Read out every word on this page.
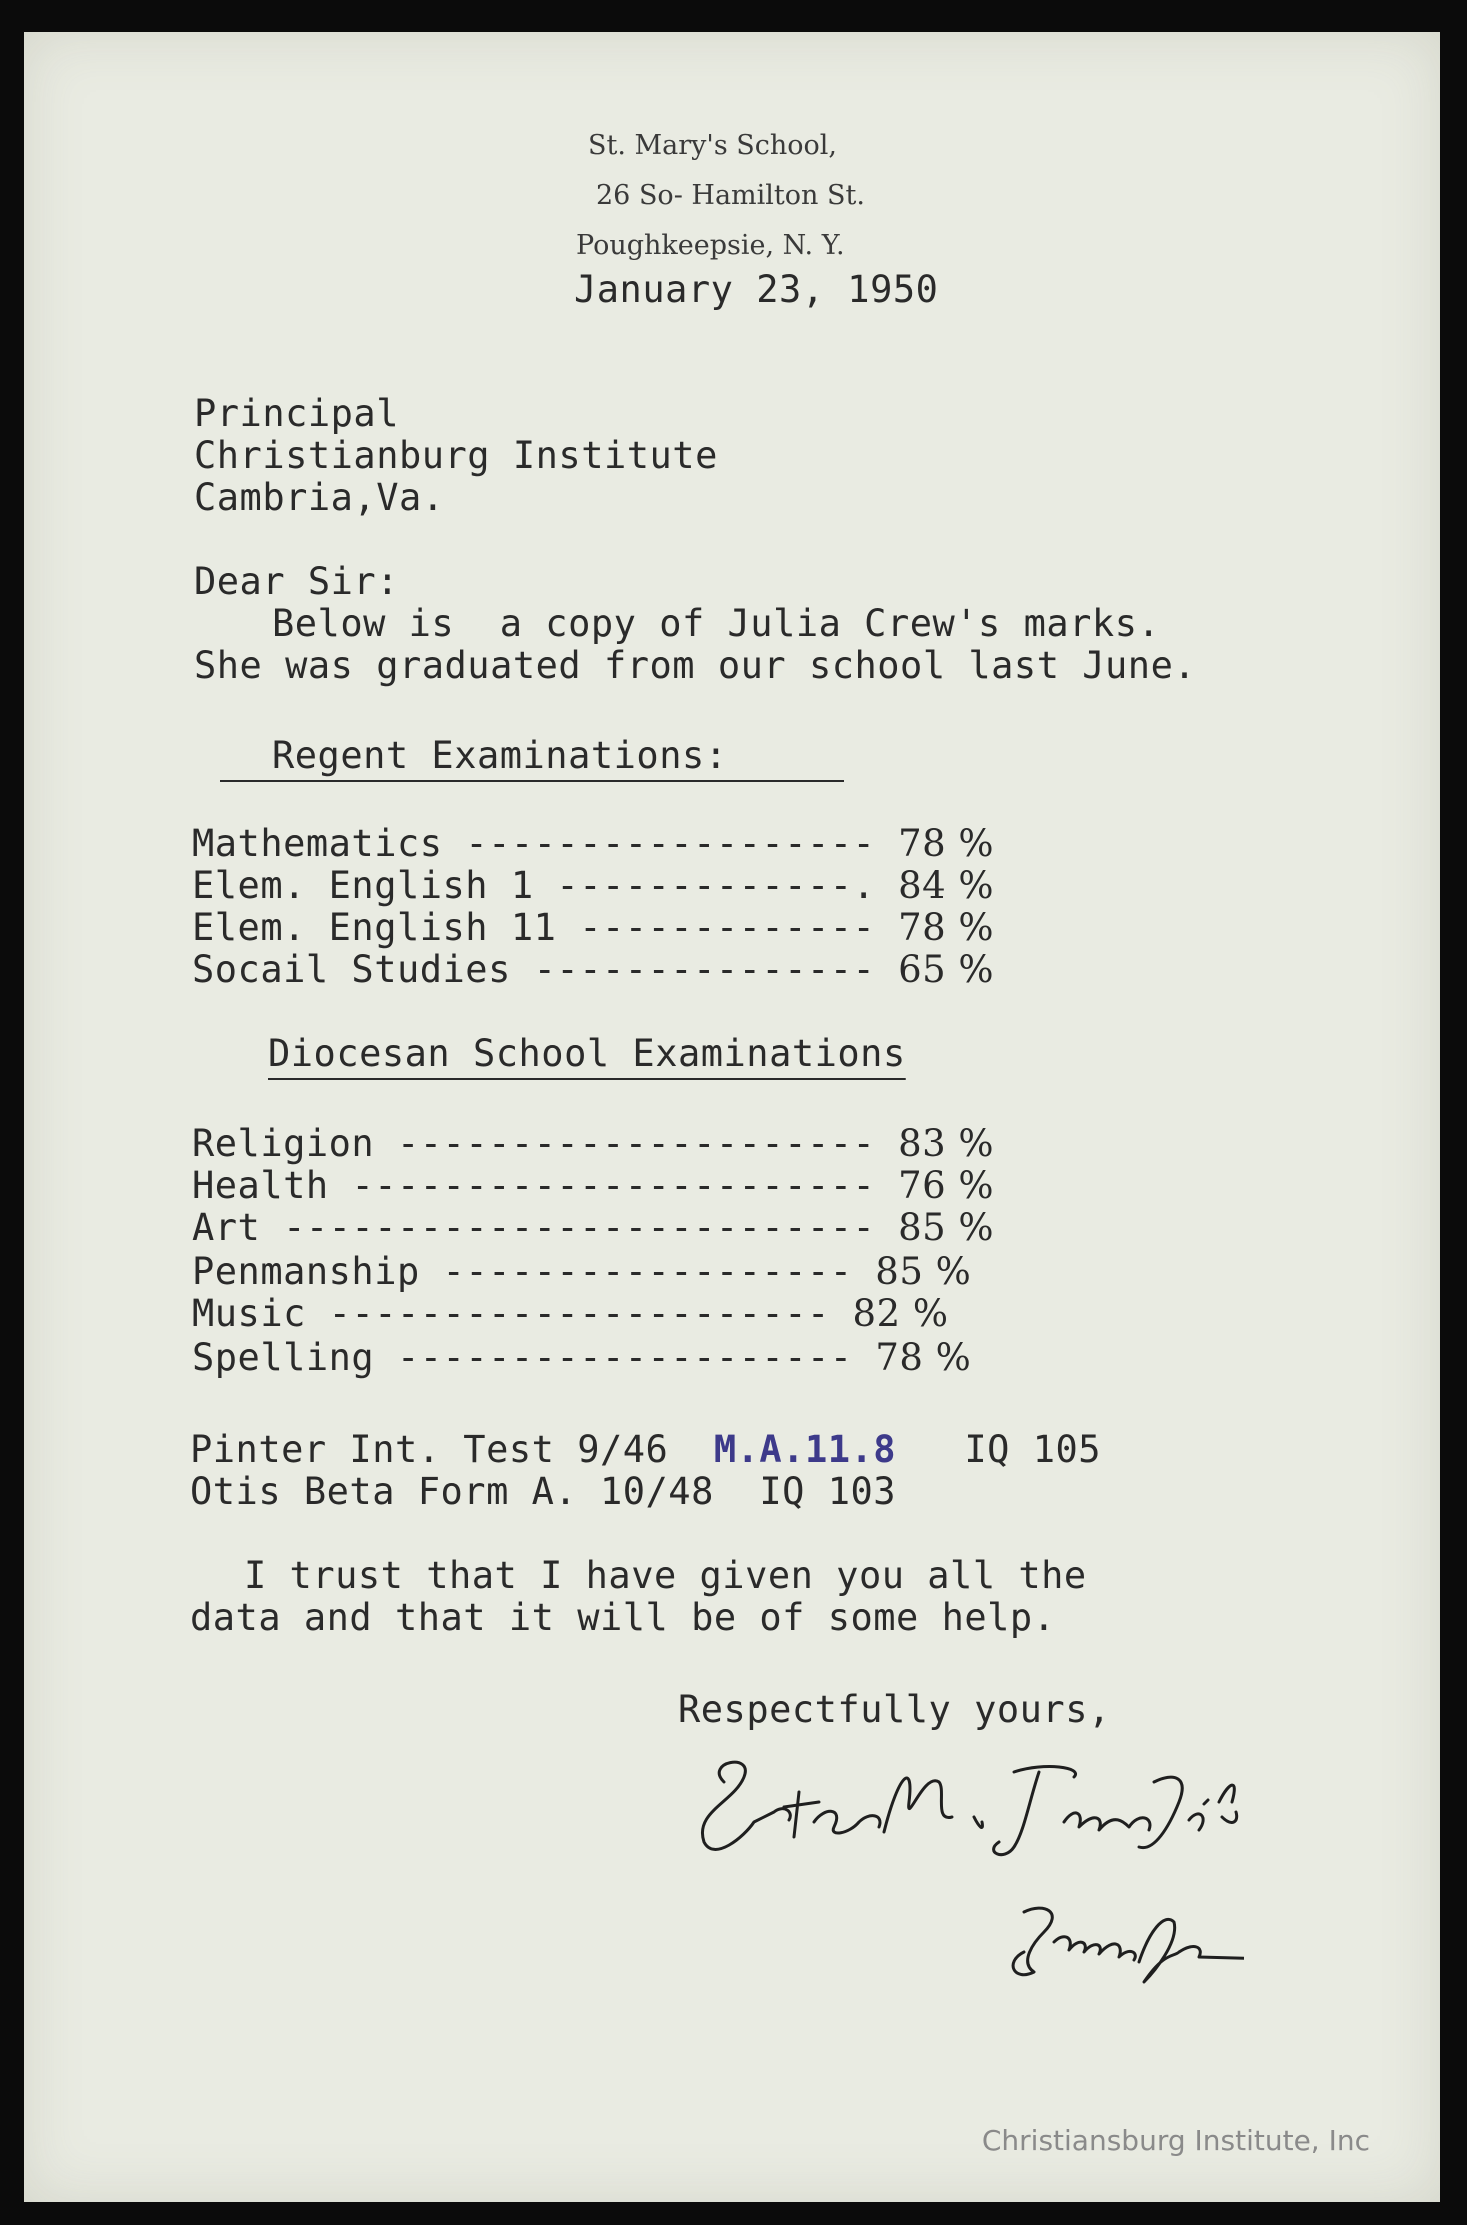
St. Mary's School,
26 So- Hamilton St.
Poughkeepsie, N. Y.
January 23, 1950
Principal
Christianburg Institute
Cambria,Va.
Dear Sir:
Below is  a copy of Julia Crew's marks.
She was graduated from our school last June.
Regent Examinations:
Mathematics ------------------ 78 %
Elem. English 1 -------------. 84 %
Elem. English 11 ------------- 78 %
Socail Studies --------------- 65 %
Diocesan School Examinations
Religion --------------------- 83 %
Health ----------------------- 76 %
Art -------------------------- 85 %
Penmanship ------------------ 85 %
Music ---------------------- 82 %
Spelling -------------------- 78 %
Pinter Int. Test 9/46 M.A.11.8 IQ 105
Otis Beta Form A. 10/48  IQ 103
I trust that I have given you all the
data and that it will be of some help.
Respectfully yours,
Christiansburg Institute, Inc
